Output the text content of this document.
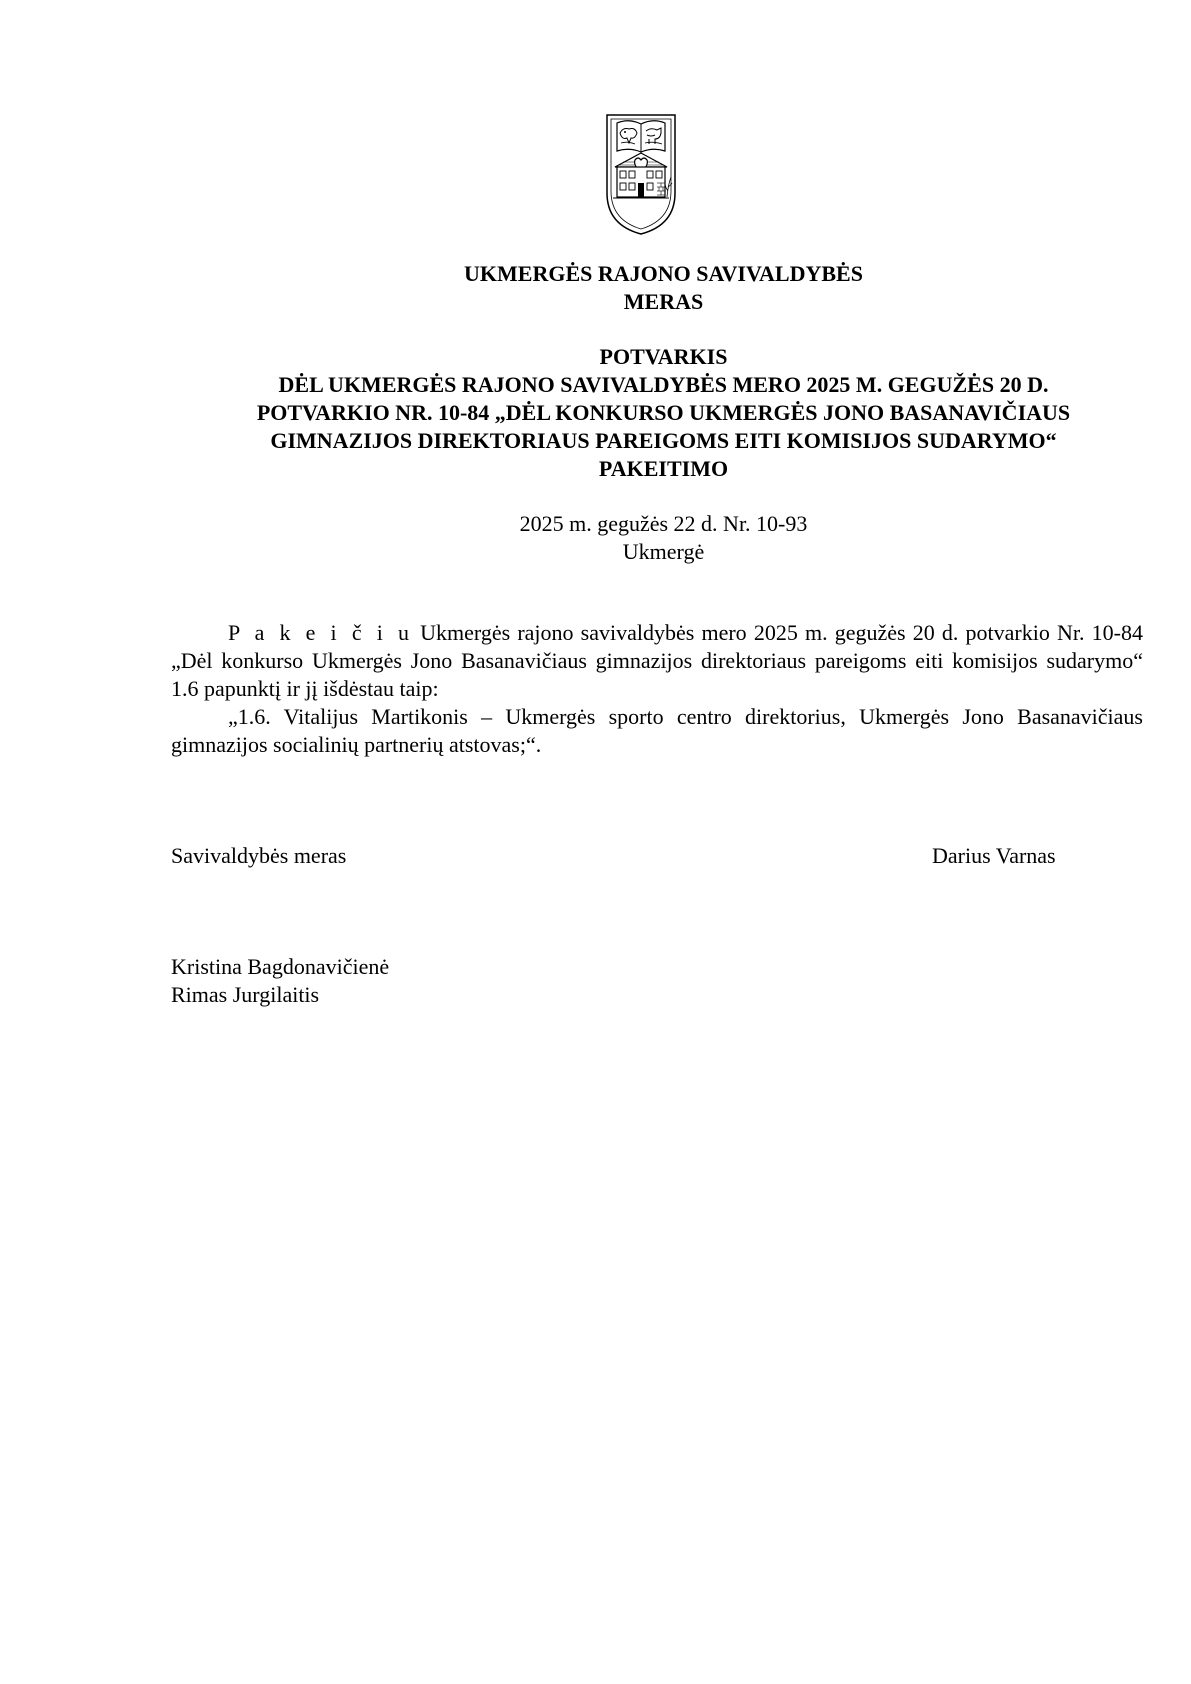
UKMERGĖS RAJONO SAVIVALDYBĖS
MERAS
POTVARKIS
DĖL UKMERGĖS RAJONO SAVIVALDYBĖS MERO 2025 M. GEGUŽĖS 20 D.
POTVARKIO NR. 10-84 „DĖL KONKURSO UKMERGĖS JONO BASANAVIČIAUS
GIMNAZIJOS DIREKTORIAUS PAREIGOMS EITI KOMISIJOS SUDARYMO“
PAKEITIMO
2025 m. gegužės 22 d. Nr. 10-93
Ukmergė

P a k e i č i u Ukmergės rajono savivaldybės mero 2025 m. gegužės 20 d. potvarkio Nr. 10-84 „Dėl konkurso Ukmergės Jono Basanavičiaus gimnazijos direktoriaus pareigoms eiti komisijos sudarymo“ 1.6 papunktį ir jį išdėstau taip:

„1.6. Vitalijus Martikonis – Ukmergės sporto centro direktorius, Ukmergės Jono Basanavičiaus gimnazijos socialinių partnerių atstovas;“.

Savivaldybės meras	Darius Varnas
Kristina Bagdonavičienė
Rimas Jurgilaitis
